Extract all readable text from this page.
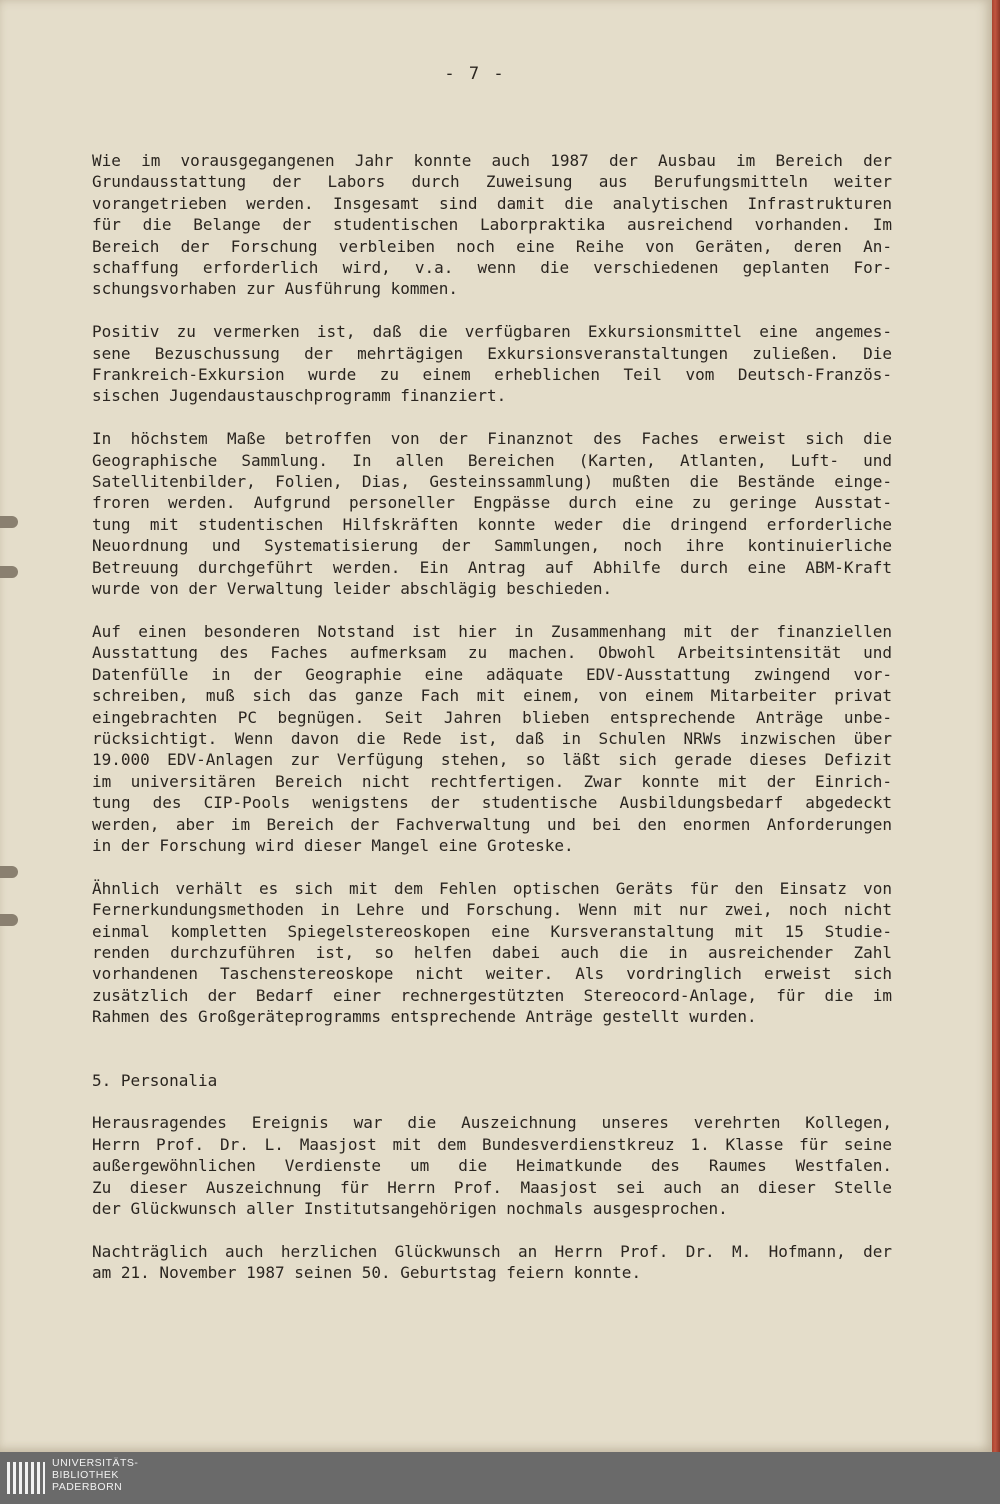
- 7 -
Wie im vorausgegangenen Jahr konnte auch 1987 der Ausbau im Bereich der
Grundausstattung der Labors durch Zuweisung aus Berufungsmitteln weiter
vorangetrieben werden. Insgesamt sind damit die analytischen Infrastrukturen
für die Belange der studentischen Laborpraktika ausreichend vorhanden. Im
Bereich der Forschung verbleiben noch eine Reihe von Geräten, deren An-
schaffung erforderlich wird, v.a. wenn die verschiedenen geplanten For-
schungsvorhaben zur Ausführung kommen.
Positiv zu vermerken ist, daß die verfügbaren Exkursionsmittel eine angemes-
sene Bezuschussung der mehrtägigen Exkursionsveranstaltungen zuließen. Die
Frankreich-Exkursion wurde zu einem erheblichen Teil vom Deutsch-Französ-
sischen Jugendaustauschprogramm finanziert.
In höchstem Maße betroffen von der Finanznot des Faches erweist sich die
Geographische Sammlung. In allen Bereichen (Karten, Atlanten, Luft- und
Satellitenbilder, Folien, Dias, Gesteinssammlung) mußten die Bestände einge-
froren werden. Aufgrund personeller Engpässe durch eine zu geringe Ausstat-
tung mit studentischen Hilfskräften konnte weder die dringend erforderliche
Neuordnung und Systematisierung der Sammlungen, noch ihre kontinuierliche
Betreuung durchgeführt werden. Ein Antrag auf Abhilfe durch eine ABM-Kraft
wurde von der Verwaltung leider abschlägig beschieden.
Auf einen besonderen Notstand ist hier in Zusammenhang mit der finanziellen
Ausstattung des Faches aufmerksam zu machen. Obwohl Arbeitsintensität und
Datenfülle in der Geographie eine adäquate EDV-Ausstattung zwingend vor-
schreiben, muß sich das ganze Fach mit einem, von einem Mitarbeiter privat
eingebrachten PC begnügen. Seit Jahren blieben entsprechende Anträge unbe-
rücksichtigt. Wenn davon die Rede ist, daß in Schulen NRWs inzwischen über
19.000 EDV-Anlagen zur Verfügung stehen, so läßt sich gerade dieses Defizit
im universitären Bereich nicht rechtfertigen. Zwar konnte mit der Einrich-
tung des CIP-Pools wenigstens der studentische Ausbildungsbedarf abgedeckt
werden, aber im Bereich der Fachverwaltung und bei den enormen Anforderungen
in der Forschung wird dieser Mangel eine Groteske.
Ähnlich verhält es sich mit dem Fehlen optischen Geräts für den Einsatz von
Fernerkundungsmethoden in Lehre und Forschung. Wenn mit nur zwei, noch nicht
einmal kompletten Spiegelstereoskopen eine Kursveranstaltung mit 15 Studie-
renden durchzuführen ist, so helfen dabei auch die in ausreichender Zahl
vorhandenen Taschenstereoskope nicht weiter. Als vordringlich erweist sich
zusätzlich der Bedarf einer rechnergestützten Stereocord-Anlage, für die im
Rahmen des Großgeräteprogramms entsprechende Anträge gestellt wurden.
5. Personalia
Herausragendes Ereignis war die Auszeichnung unseres verehrten Kollegen,
Herrn Prof. Dr. L. Maasjost mit dem Bundesverdienstkreuz 1. Klasse für seine
außergewöhnlichen Verdienste um die Heimatkunde des Raumes Westfalen.
Zu dieser Auszeichnung für Herrn Prof. Maasjost sei auch an dieser Stelle
der Glückwunsch aller Institutsangehörigen nochmals ausgesprochen.
Nachträglich auch herzlichen Glückwunsch an Herrn Prof. Dr. M. Hofmann, der
am 21. November 1987 seinen 50. Geburtstag feiern konnte.
UNIVERSITÄTS-
BIBLIOTHEK
PADERBORN
